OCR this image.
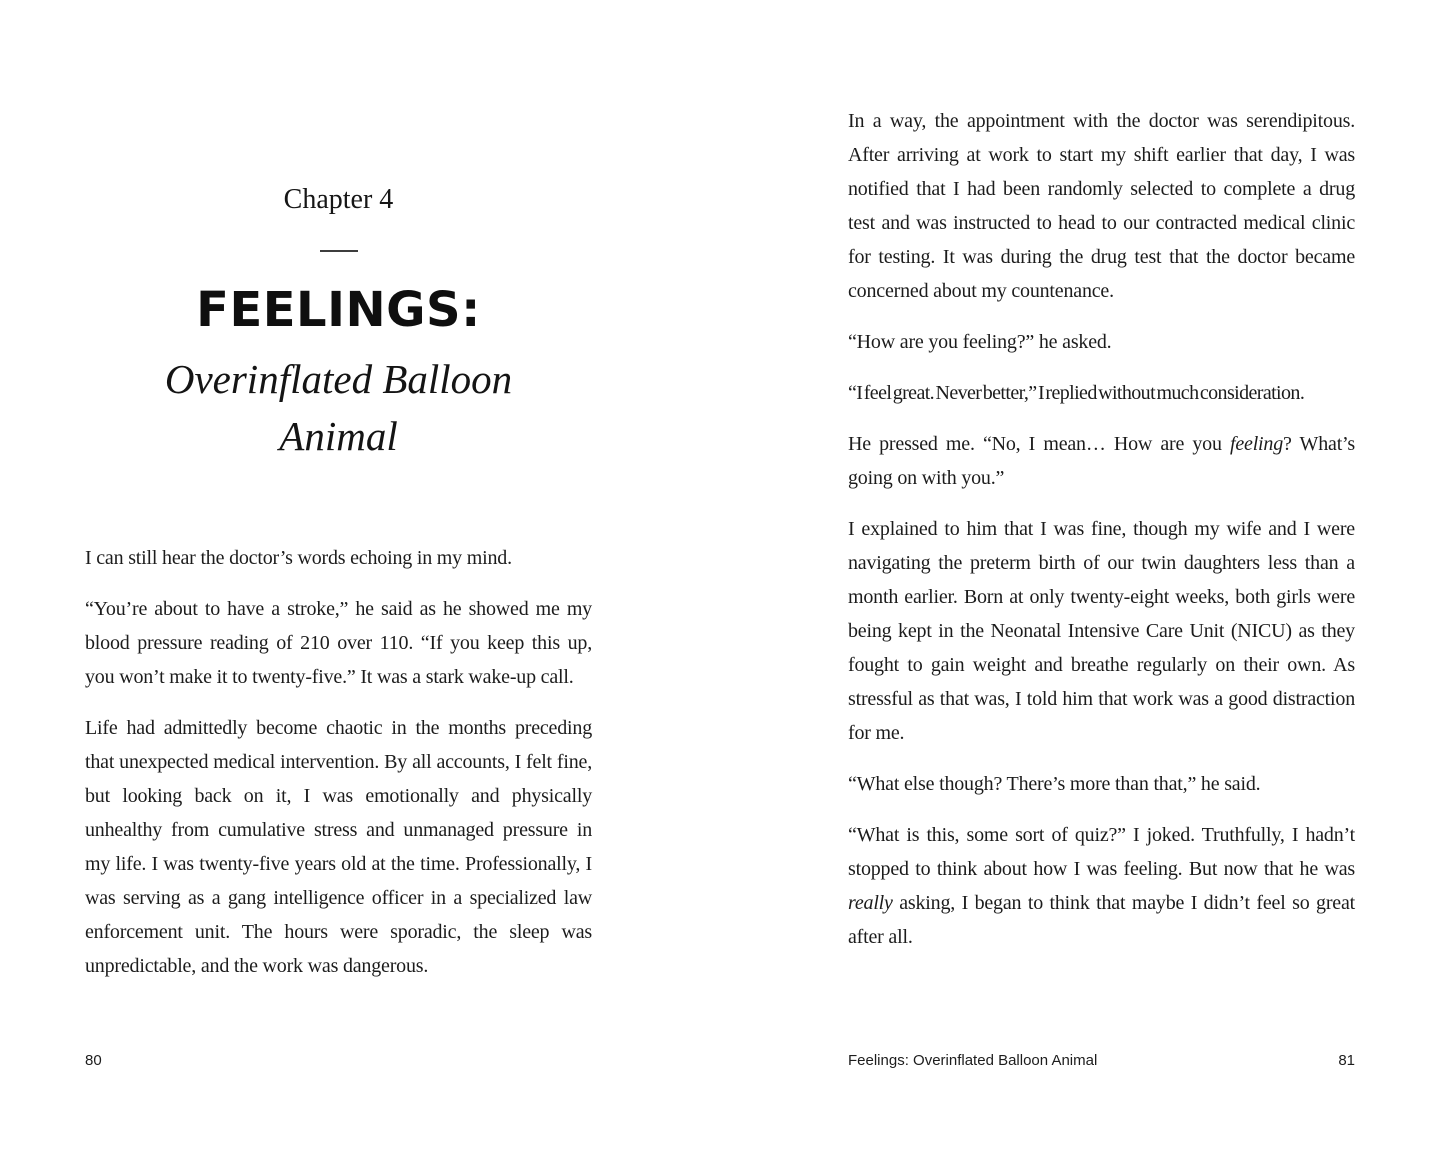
Chapter 4
FEELINGS:
Overinflated Balloon
Animal

I can still hear the doctor’s words echoing in my mind.

“You’re about to have a stroke,” he said as he showed me my blood pressure reading of 210 over 110. “If you keep this up, you won’t make it to twenty-five.” It was a stark wake-up call.

Life had admittedly become chaotic in the months preceding that unexpected medical intervention. By all accounts, I felt fine, but looking back on it, I was emotionally and physically unhealthy from cumulative stress and unmanaged pressure in my life. I was twenty-five years old at the time. Professionally, I was serving as a gang intelligence officer in a specialized law enforcement unit. The hours were sporadic, the sleep was unpredictable, and the work was dangerous.

80

In a way, the appointment with the doctor was serendipitous. After arriving at work to start my shift earlier that day, I was notified that I had been randomly selected to complete a drug test and was instructed to head to our contracted medical clinic for testing. It was during the drug test that the doctor became concerned about my countenance.

“How are you feeling?” he asked.

“I feel great. Never better,” I replied without much consideration.

He pressed me. “No, I mean… How are you feeling? What’s going on with you.”

I explained to him that I was fine, though my wife and I were navigating the preterm birth of our twin daughters less than a month earlier. Born at only twenty-eight weeks, both girls were being kept in the Neonatal Intensive Care Unit (NICU) as they fought to gain weight and breathe regularly on their own. As stressful as that was, I told him that work was a good distraction for me.

“What else though? There’s more than that,” he said.

“What is this, some sort of quiz?” I joked. Truthfully, I hadn’t stopped to think about how I was feeling. But now that he was really asking, I began to think that maybe I didn’t feel so great after all.

Feelings: Overinflated Balloon Animal	81
